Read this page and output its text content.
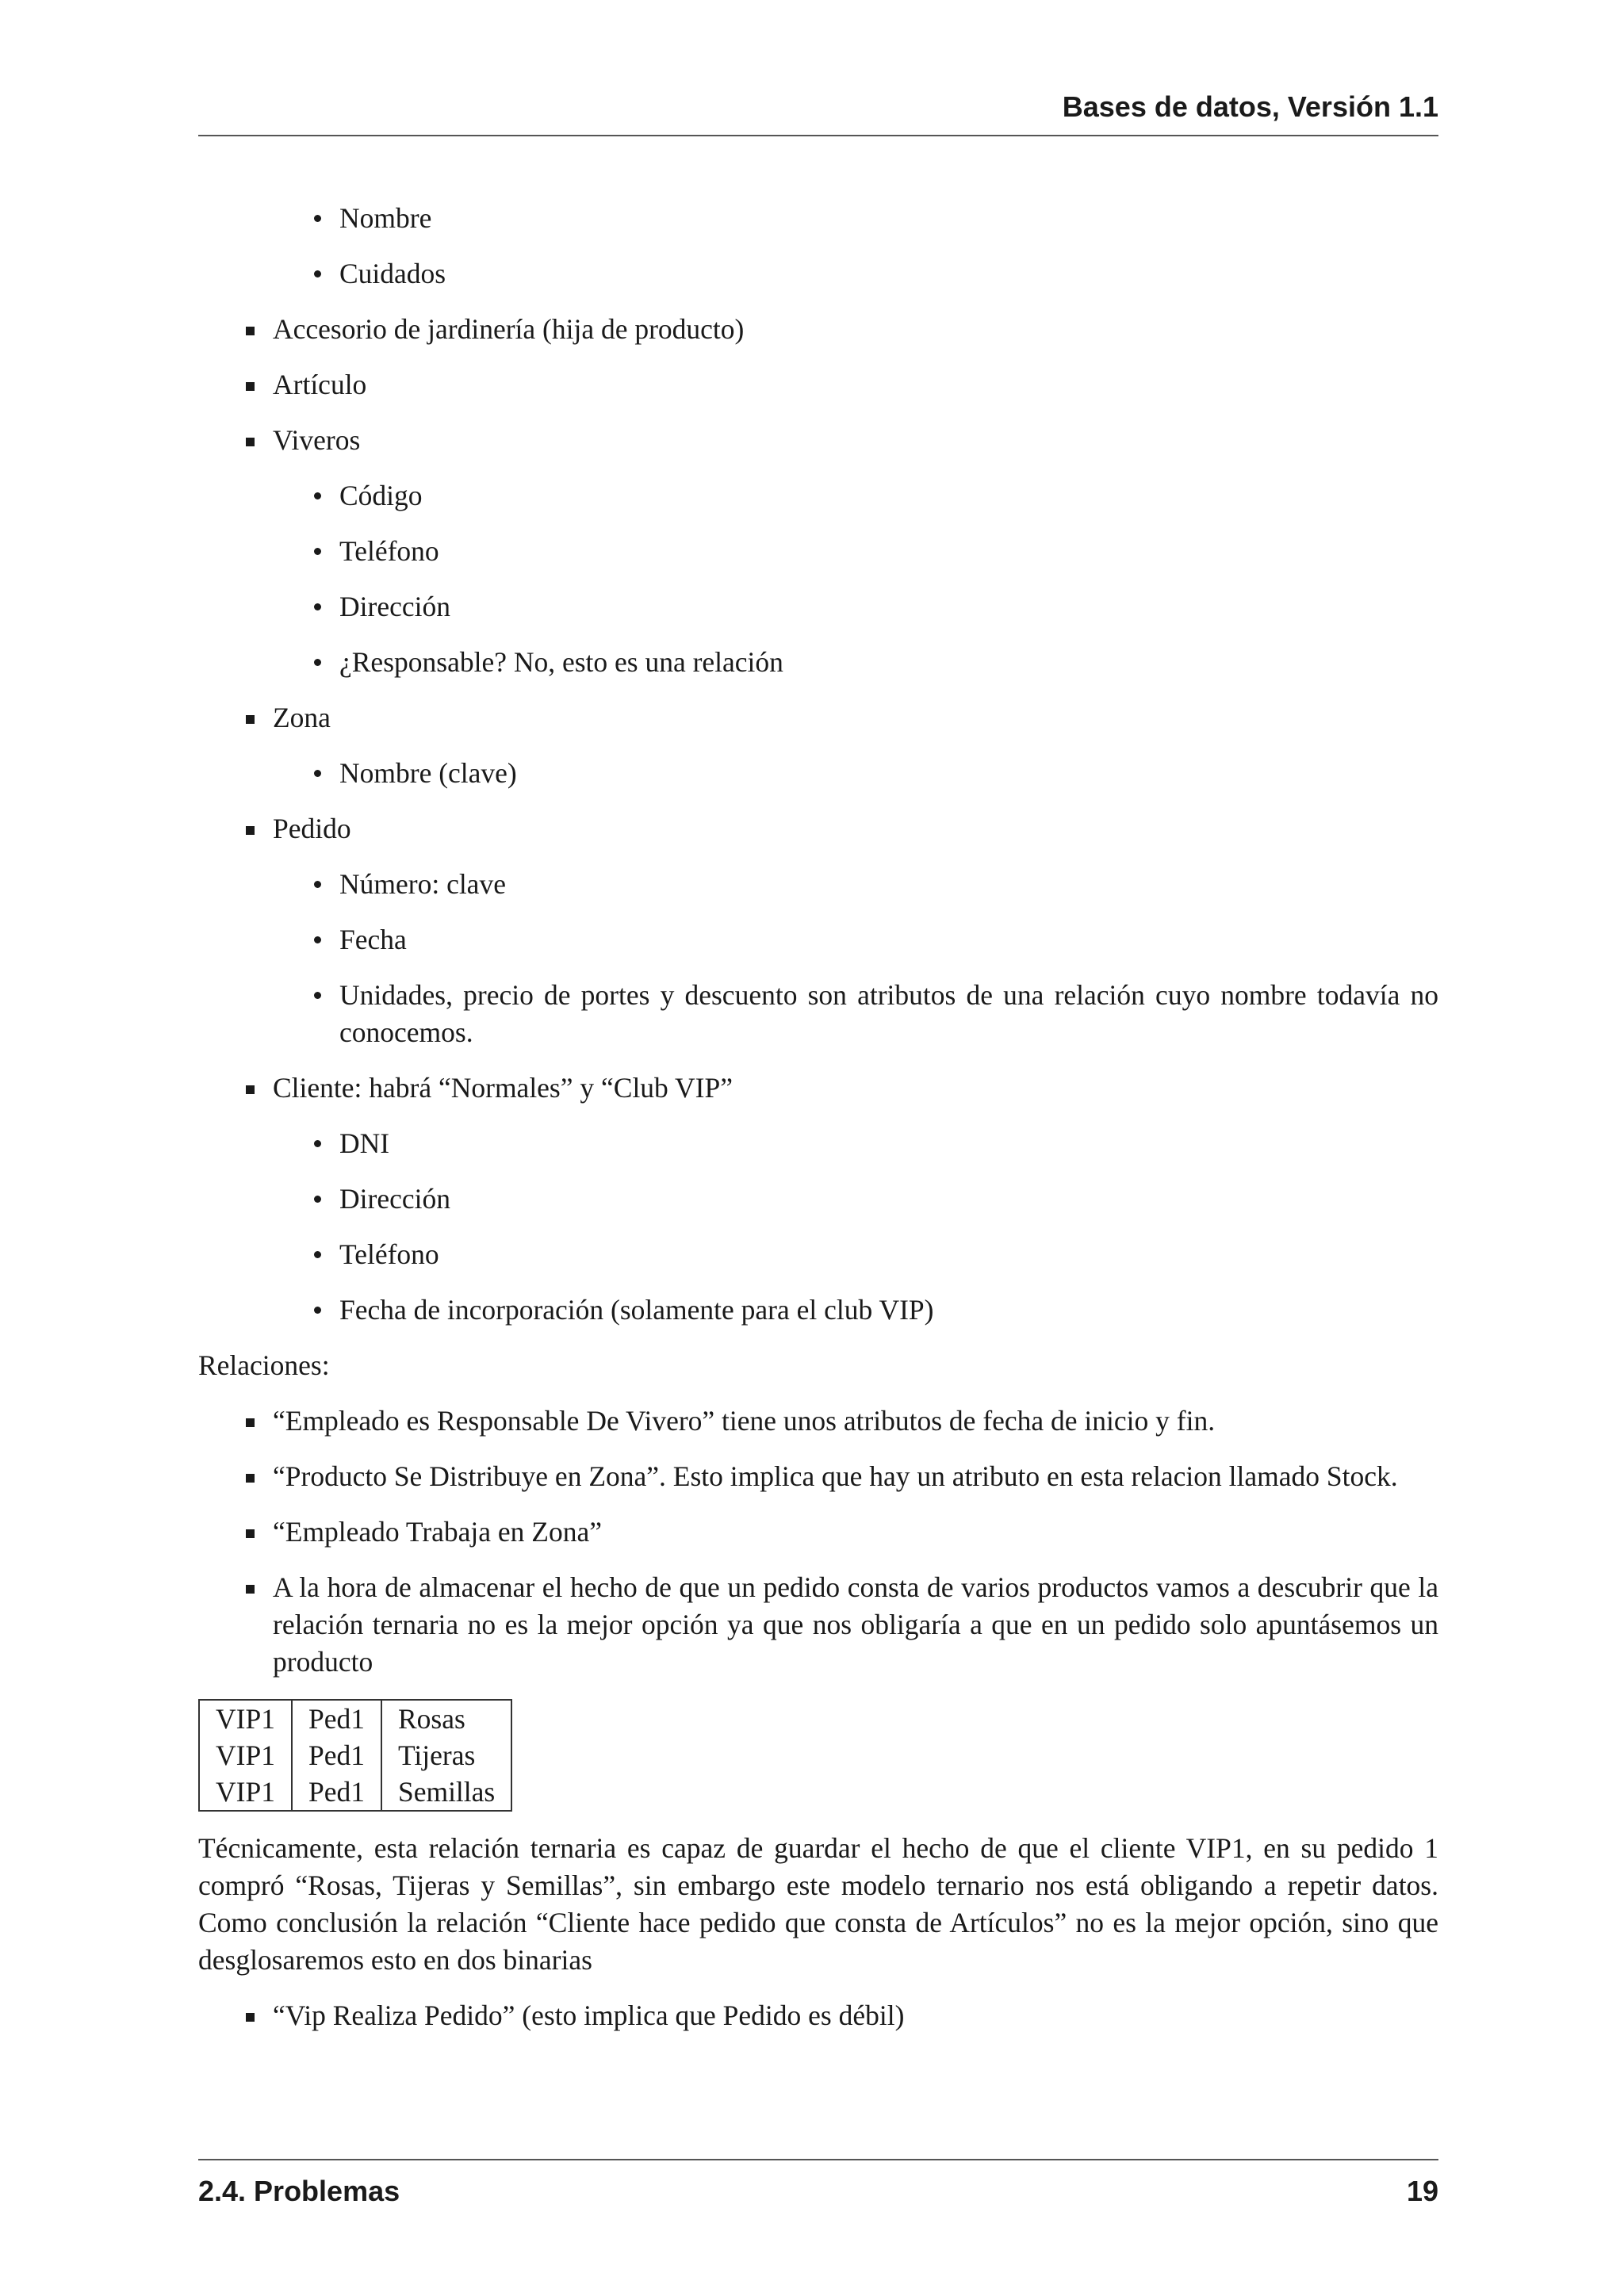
Bases de datos, Versión 1.1
Nombre
Cuidados
Accesorio de jardinería (hija de producto)
Artículo
Viveros
Código
Teléfono
Dirección
¿Responsable? No, esto es una relación
Zona
Nombre (clave)
Pedido
Número: clave
Fecha
Unidades, precio de portes y descuento son atributos de una relación cuyo nombre todavía no conocemos.
Cliente: habrá “Normales” y “Club VIP”
DNI
Dirección
Teléfono
Fecha de incorporación (solamente para el club VIP)
Relaciones:
“Empleado es Responsable De Vivero” tiene unos atributos de fecha de inicio y fin.
“Producto Se Distribuye en Zona”. Esto implica que hay un atributo en esta relacion llamado Stock.
“Empleado Trabaja en Zona”
A la hora de almacenar el hecho de que un pedido consta de varios productos vamos a descubrir que la relación ternaria no es la mejor opción ya que nos obligaría a que en un pedido solo apuntásemos un producto
VIP1	Ped1	Rosas
VIP1	Ped1	Tijeras
VIP1	Ped1	Semillas
Técnicamente, esta relación ternaria es capaz de guardar el hecho de que el cliente VIP1, en su pedido 1 compró “Rosas, Tijeras y Semillas”, sin embargo este modelo ternario nos está obligando a repetir datos. Como conclusión la relación “Cliente hace pedido que consta de Artículos” no es la mejor opción, sino que desglosaremos esto en dos binarias
“Vip Realiza Pedido” (esto implica que Pedido es débil)
2.4. Problemas	19
